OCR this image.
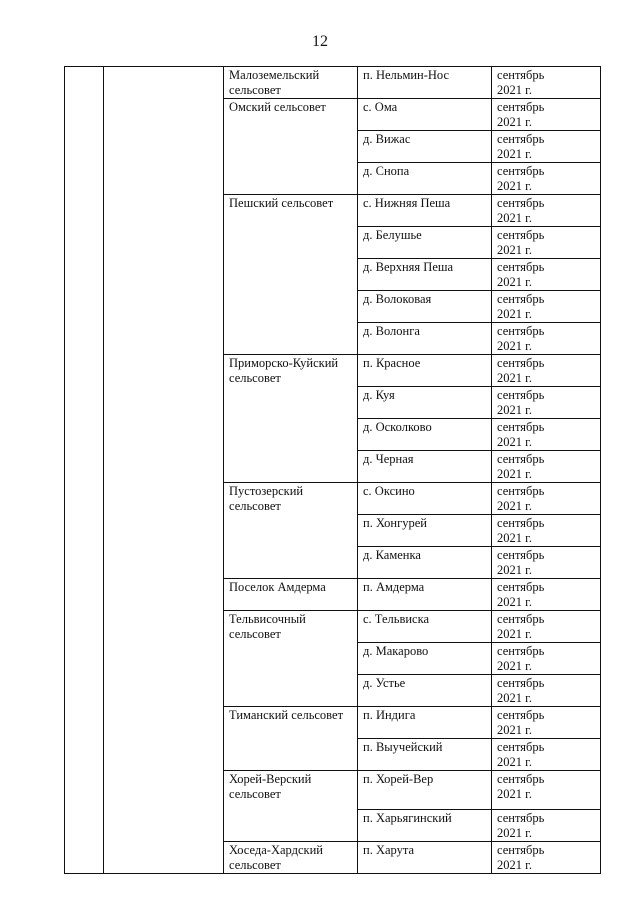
12
		Малоземельский сельсовет	п. Нельмин-Нос	сентябрь
2021 г.

		Омский сельсовет	с. Ома	сентябрь
2021 г.

			д. Вижас	сентябрь
2021 г.

			д. Снопа	сентябрь
2021 г.

		Пешский сельсовет	с. Нижняя Пеша	сентябрь
2021 г.

			д. Белушье	сентябрь
2021 г.

			д. Верхняя Пеша	сентябрь
2021 г.

			д. Волоковая	сентябрь
2021 г.

			д. Волонга	сентябрь
2021 г.

		Приморско-Куйский сельсовет	п. Красное	сентябрь
2021 г.

			д. Куя	сентябрь
2021 г.

			д. Осколково	сентябрь
2021 г.

			д. Черная	сентябрь
2021 г.

		Пустозерский сельсовет	с. Оксино	сентябрь
2021 г.

			п. Хонгурей	сентябрь
2021 г.

			д. Каменка	сентябрь
2021 г.

		Поселок Амдерма	п. Амдерма	сентябрь
2021 г.

		Тельвисочный сельсовет	с. Тельвиска	сентябрь
2021 г.

			д. Макарово	сентябрь
2021 г.

			д. Устье	сентябрь
2021 г.

		Тиманский сельсовет	п. Индига	сентябрь
2021 г.

			п. Выучейский	сентябрь
2021 г.

		Хорей-Верский сельсовет	п. Хорей-Вер	сентябрь
2021 г.

			п. Харьягинский	сентябрь
2021 г.

		Хоседа-Хардский сельсовет	п. Харута	сентябрь
2021 г.
